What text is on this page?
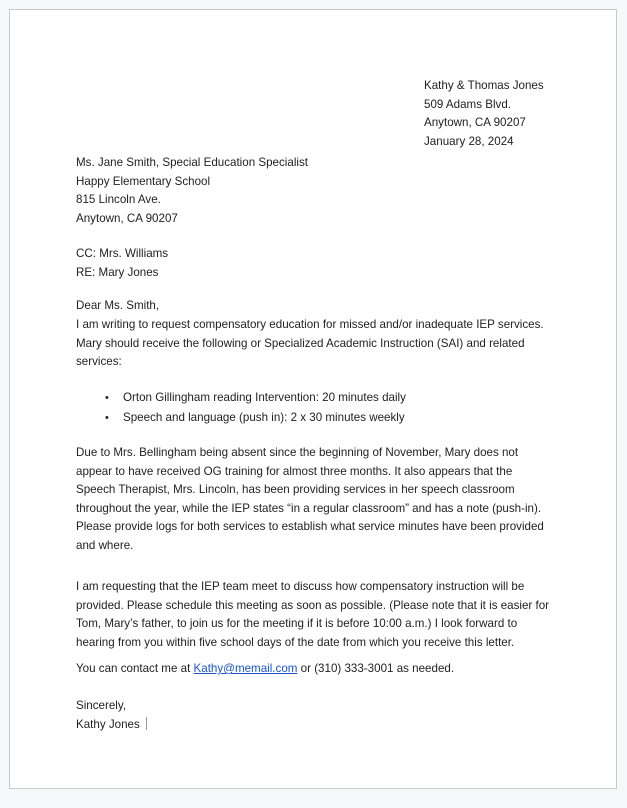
Kathy & Thomas Jones
509 Adams Blvd.
Anytown, CA 90207
January 28, 2024
Ms. Jane Smith, Special Education Specialist
Happy Elementary School
815 Lincoln Ave.
Anytown, CA 90207
CC: Mrs. Williams
RE: Mary Jones
Dear Ms. Smith,

I am writing to request compensatory education for missed and/or inadequate IEP services. Mary should receive the following or Specialized Academic Instruction (SAI) and related services:

• Orton Gillingham reading Intervention: 20 minutes daily
• Speech and language (push in): 2 x 30 minutes weekly

Due to Mrs. Bellingham being absent since the beginning of November, Mary does not appear to have received OG training for almost three months. It also appears that the Speech Therapist, Mrs. Lincoln, has been providing services in her speech classroom throughout the year, while the IEP states “in a regular classroom” and has a note (push-in). Please provide logs for both services to establish what service minutes have been provided and where.

I am requesting that the IEP team meet to discuss how compensatory instruction will be provided. Please schedule this meeting as soon as possible. (Please note that it is easier for Tom, Mary’s father, to join us for the meeting if it is before 10:00 a.m.) I look forward to hearing from you within five school days of the date from which you receive this letter.

You can contact me at Kathy@memail.com or (310) 333-3001 as needed.

Sincerely,
Kathy Jones
